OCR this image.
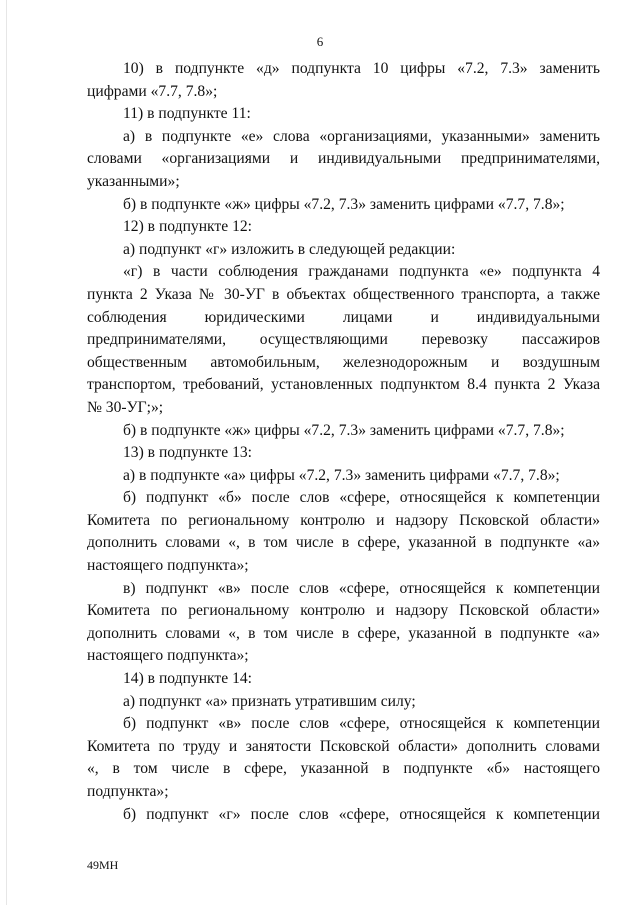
6
10) в подпункте «д» подпункта 10 цифры «7.2, 7.3» заменить
цифрами «7.7, 7.8»;
11) в подпункте 11:
а) в подпункте «е» слова «организациями, указанными» заменить
словами «организациями и индивидуальными предпринимателями,
указанными»;
б) в подпункте «ж» цифры «7.2, 7.3» заменить цифрами «7.7, 7.8»;
12) в подпункте 12:
а) подпункт «г» изложить в следующей редакции:
«г) в части соблюдения гражданами подпункта «е» подпункта 4
пункта 2 Указа № 30-УГ в объектах общественного транспорта, а также
соблюдения юридическими лицами и индивидуальными
предпринимателями, осуществляющими перевозку пассажиров
общественным автомобильным, железнодорожным и воздушным
транспортом, требований, установленных подпунктом 8.4 пункта 2 Указа
№ 30-УГ;»;
б) в подпункте «ж» цифры «7.2, 7.3» заменить цифрами «7.7, 7.8»;
13) в подпункте 13:
а) в подпункте «а» цифры «7.2, 7.3» заменить цифрами «7.7, 7.8»;
б) подпункт «б» после слов «сфере, относящейся к компетенции
Комитета по региональному контролю и надзору Псковской области»
дополнить словами «, в том числе в сфере, указанной в подпункте «а»
настоящего подпункта»;
в) подпункт «в» после слов «сфере, относящейся к компетенции
Комитета по региональному контролю и надзору Псковской области»
дополнить словами «, в том числе в сфере, указанной в подпункте «а»
настоящего подпункта»;
14) в подпункте 14:
а) подпункт «а» признать утратившим силу;
б) подпункт «в» после слов «сфере, относящейся к компетенции
Комитета по труду и занятости Псковской области» дополнить словами
«, в том числе в сфере, указанной в подпункте «б» настоящего
подпункта»;
б) подпункт «г» после слов «сфере, относящейся к компетенции
49МН
